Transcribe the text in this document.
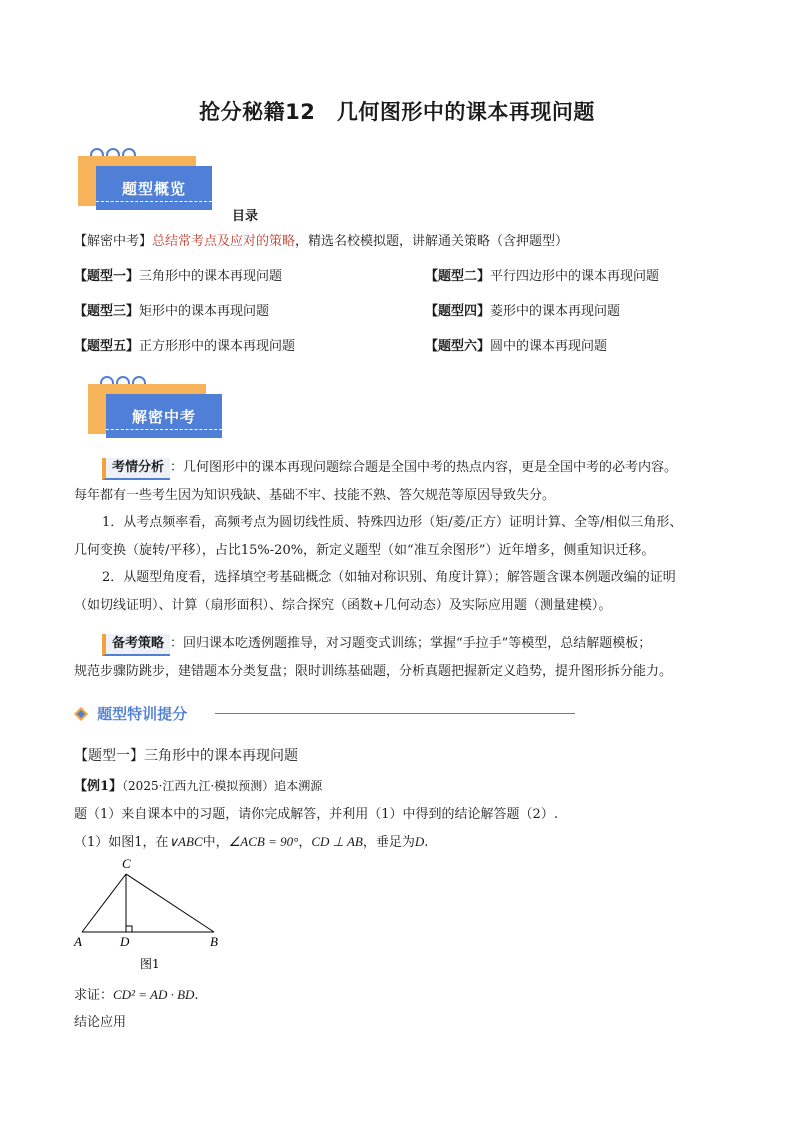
抢分秘籍12　几何图形中的课本再现问题
题型概览
目录
【解密中考】总结常考点及应对的策略，精选名校模拟题，讲解通关策略（含押题型）
【题型一】三角形中的课本再现问题	【题型二】平行四边形中的课本再现问题
【题型三】矩形中的课本再现问题	【题型四】菱形中的课本再现问题
【题型五】正方形形中的课本再现问题	【题型六】圆中的课本再现问题
解密中考
考情分析 ：几何图形中的课本再现问题综合题是全国中考的热点内容，更是全国中考的必考内容。
每年都有一些考生因为知识残缺、基础不牢、技能不熟、答欠规范等原因导致失分。
1．从考点频率看，高频考点为圆切线性质、特殊四边形（矩/菱/正方）证明计算、全等/相似三角形、
几何变换（旋转/平移），占比15%-20%，新定义题型（如“准互余图形”）近年增多，侧重知识迁移。
2．从题型角度看，选择填空考基础概念（如轴对称识别、角度计算）；解答题含课本例题改编的证明
（如切线证明）、计算（扇形面积）、综合探究（函数+几何动态）及实际应用题（测量建模）。
备考策略 ：回归课本吃透例题推导，对习题变式训练；掌握“手拉手”等模型，总结解题模板；
规范步骤防跳步，建错题本分类复盘；限时训练基础题，分析真题把握新定义趋势，提升图形拆分能力。
题型特训提分
【题型一】三角形中的课本再现问题
【例1】（2025·江西九江·模拟预测）追本溯源
题（1）来自课本中的习题，请你完成解答，并利用（1）中得到的结论解答题（2）.
（1）如图1，在∨ABC中，∠ACB = 90°，CD ⊥ AB，垂足为D.
C
A	D	B
图1
求证：CD² = AD · BD.
结论应用
